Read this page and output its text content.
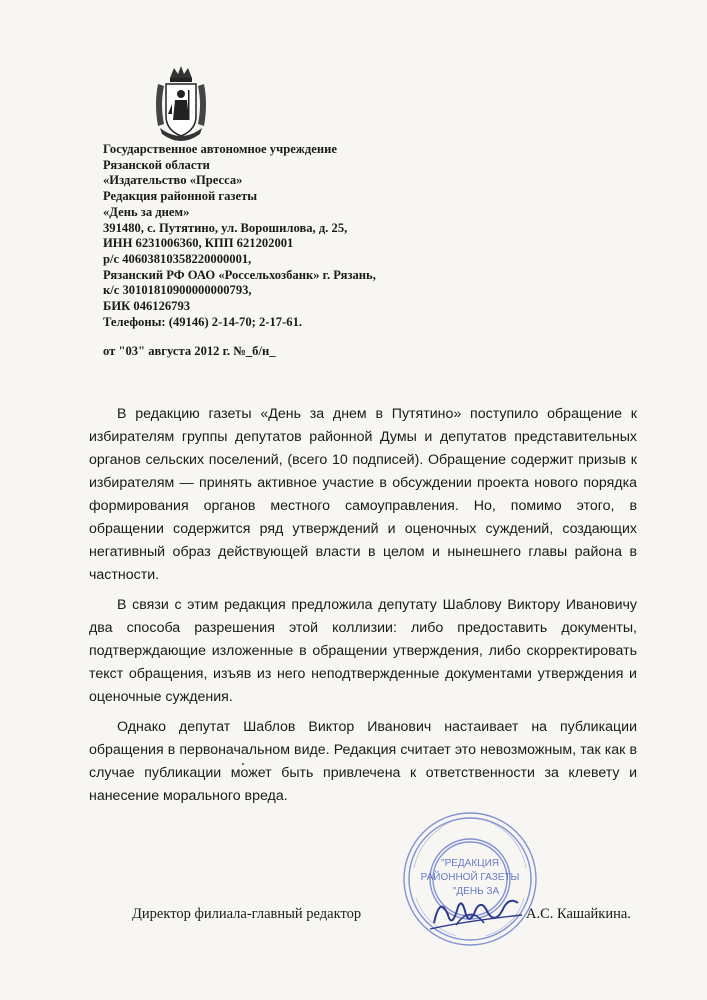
Государственное автономное учреждение
Рязанской области
«Издательство «Пресса»
Редакция районной газеты
«День за днем»
391480, с. Путятино, ул. Ворошилова, д. 25,
ИНН 6231006360, КПП 621202001
р/с 40603810358220000001,
Рязанский РФ ОАО «Россельхозбанк» г. Рязань,
к/с 30101810900000000793,
БИК 046126793
Телефоны: (49146) 2-14-70; 2-17-61.
от "03" августа 2012 г. №_б/н_

В редакцию газеты «День за днем в Путятино» поступило обращение к избирателям группы депутатов районной Думы и депутатов представительных органов сельских поселений, (всего 10 подписей). Обращение содержит призыв к избирателям — принять активное участие в обсуждении проекта нового порядка формирования органов местного самоуправления. Но, помимо этого, в обращении содержится ряд утверждений и оценочных суждений, создающих негативный образ действующей власти в целом и нынешнего главы района в частности.

В связи с этим редакция предложила депутату Шаблову Виктору Ивановичу два способа разрешения этой коллизии: либо предоставить документы, подтверждающие изложенные в обращении утверждения, либо скорректировать текст обращения, изъяв из него неподтвержденные документами утверждения и оценочные суждения.

Однако депутат Шаблов Виктор Иванович настаивает на публикации обращения в первоначальном виде. Редакция считает это невозможным, так как в случае публикации может быть привлечена к ответственности за клевету и нанесение морального вреда.

"РЕДАКЦИЯ
РАЙОННОЙ ГАЗЕТЫ
"ДЕНЬ ЗА
Директор филиала-главный редактор	А.С. Кашайкина.
